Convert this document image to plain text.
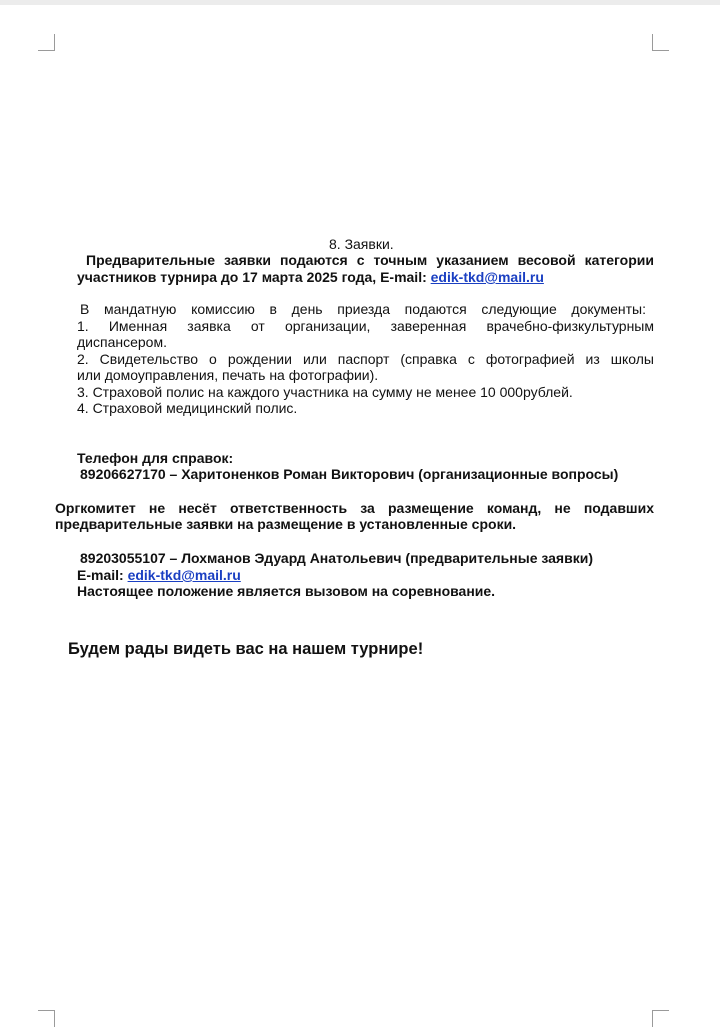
8. Заявки.
Предварительные заявки подаются с точным указанием весовой категории
участников турнира до 17 марта 2025 года, E-mail: edik-tkd@mail.ru
В мандатную комиссию в день приезда подаются следующие документы:
1. Именная заявка от организации, заверенная врачебно-физкультурным
диспансером.
2. Свидетельство о рождении или паспорт (справка с фотографией из школы
или домоуправления, печать на фотографии).
3. Страховой полис на каждого участника на сумму не менее 10 000рублей.
4. Страховой медицинский полис.
Телефон для справок:
89206627170 – Харитоненков Роман Викторович (организационные вопросы)
Оргкомитет не несёт ответственность за размещение команд, не подавших
предварительные заявки на размещение в установленные сроки.
89203055107 – Лохманов Эдуард Анатольевич (предварительные заявки)
E-mail: edik-tkd@mail.ru
Настоящее положение является вызовом на соревнование.
Будем рады видеть вас на нашем турнире!
